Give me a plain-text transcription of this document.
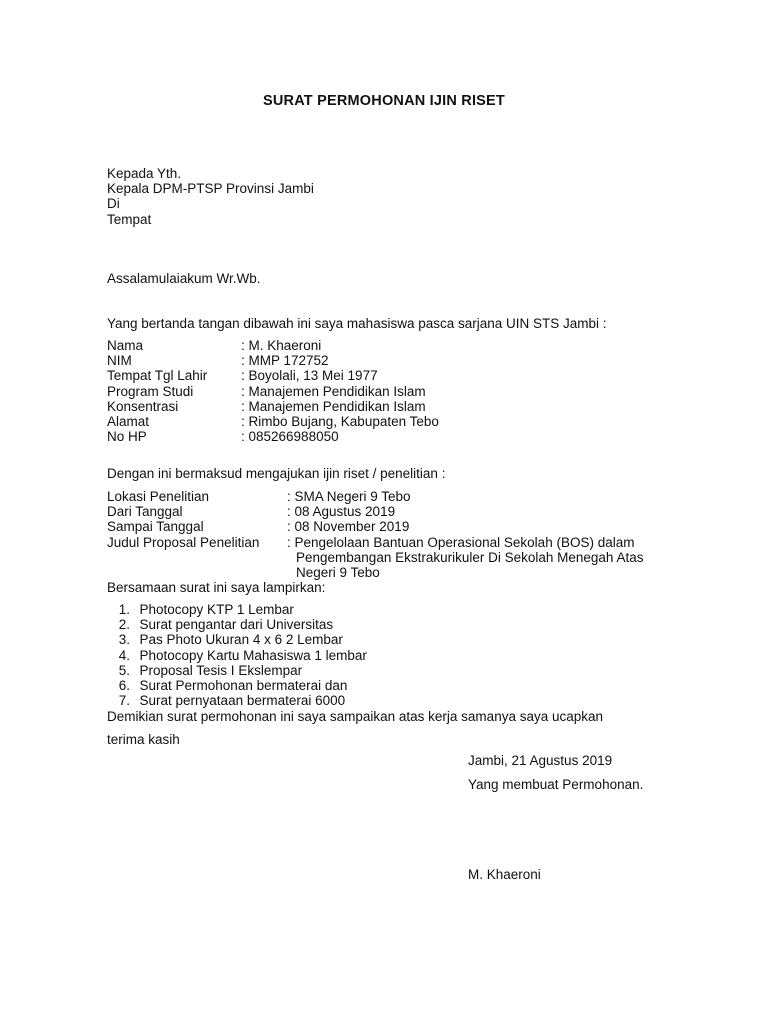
SURAT PERMOHONAN IJIN RISET
Kepada Yth.
Kepala DPM-PTSP Provinsi Jambi
Di
Tempat
Assalamulaiakum Wr.Wb.
Yang bertanda tangan dibawah ini saya mahasiswa pasca sarjana UIN STS Jambi :
Nama	: M. Khaeroni
NIM	: MMP 172752
Tempat Tgl Lahir	: Boyolali, 13 Mei 1977
Program Studi	: Manajemen Pendidikan Islam
Konsentrasi	: Manajemen Pendidikan Islam
Alamat	: Rimbo Bujang, Kabupaten Tebo
No HP	: 085266988050
Dengan ini bermaksud mengajukan ijin riset / penelitian :
Lokasi Penelitian	: SMA Negeri 9 Tebo
Dari Tanggal	: 08 Agustus 2019
Sampai Tanggal	: 08 November 2019
Judul Proposal Penelitian	: Pengelolaan Bantuan Operasional Sekolah (BOS) dalam
Pengembangan Ekstrakurikuler Di Sekolah Menegah Atas
Negeri 9 Tebo
Bersamaan surat ini saya lampirkan:
1.
Photocopy KTP 1 Lembar
2.
Surat pengantar dari Universitas
3.
Pas Photo Ukuran 4 x 6 2 Lembar
4.
Photocopy Kartu Mahasiswa 1 lembar
5.
Proposal Tesis I Ekslempar
6.
Surat Permohonan bermaterai dan
7.
Surat pernyataan bermaterai 6000
Demikian surat permohonan ini saya sampaikan atas kerja samanya saya ucapkan
terima kasih
Jambi, 21 Agustus 2019
Yang membuat Permohonan.
M. Khaeroni
